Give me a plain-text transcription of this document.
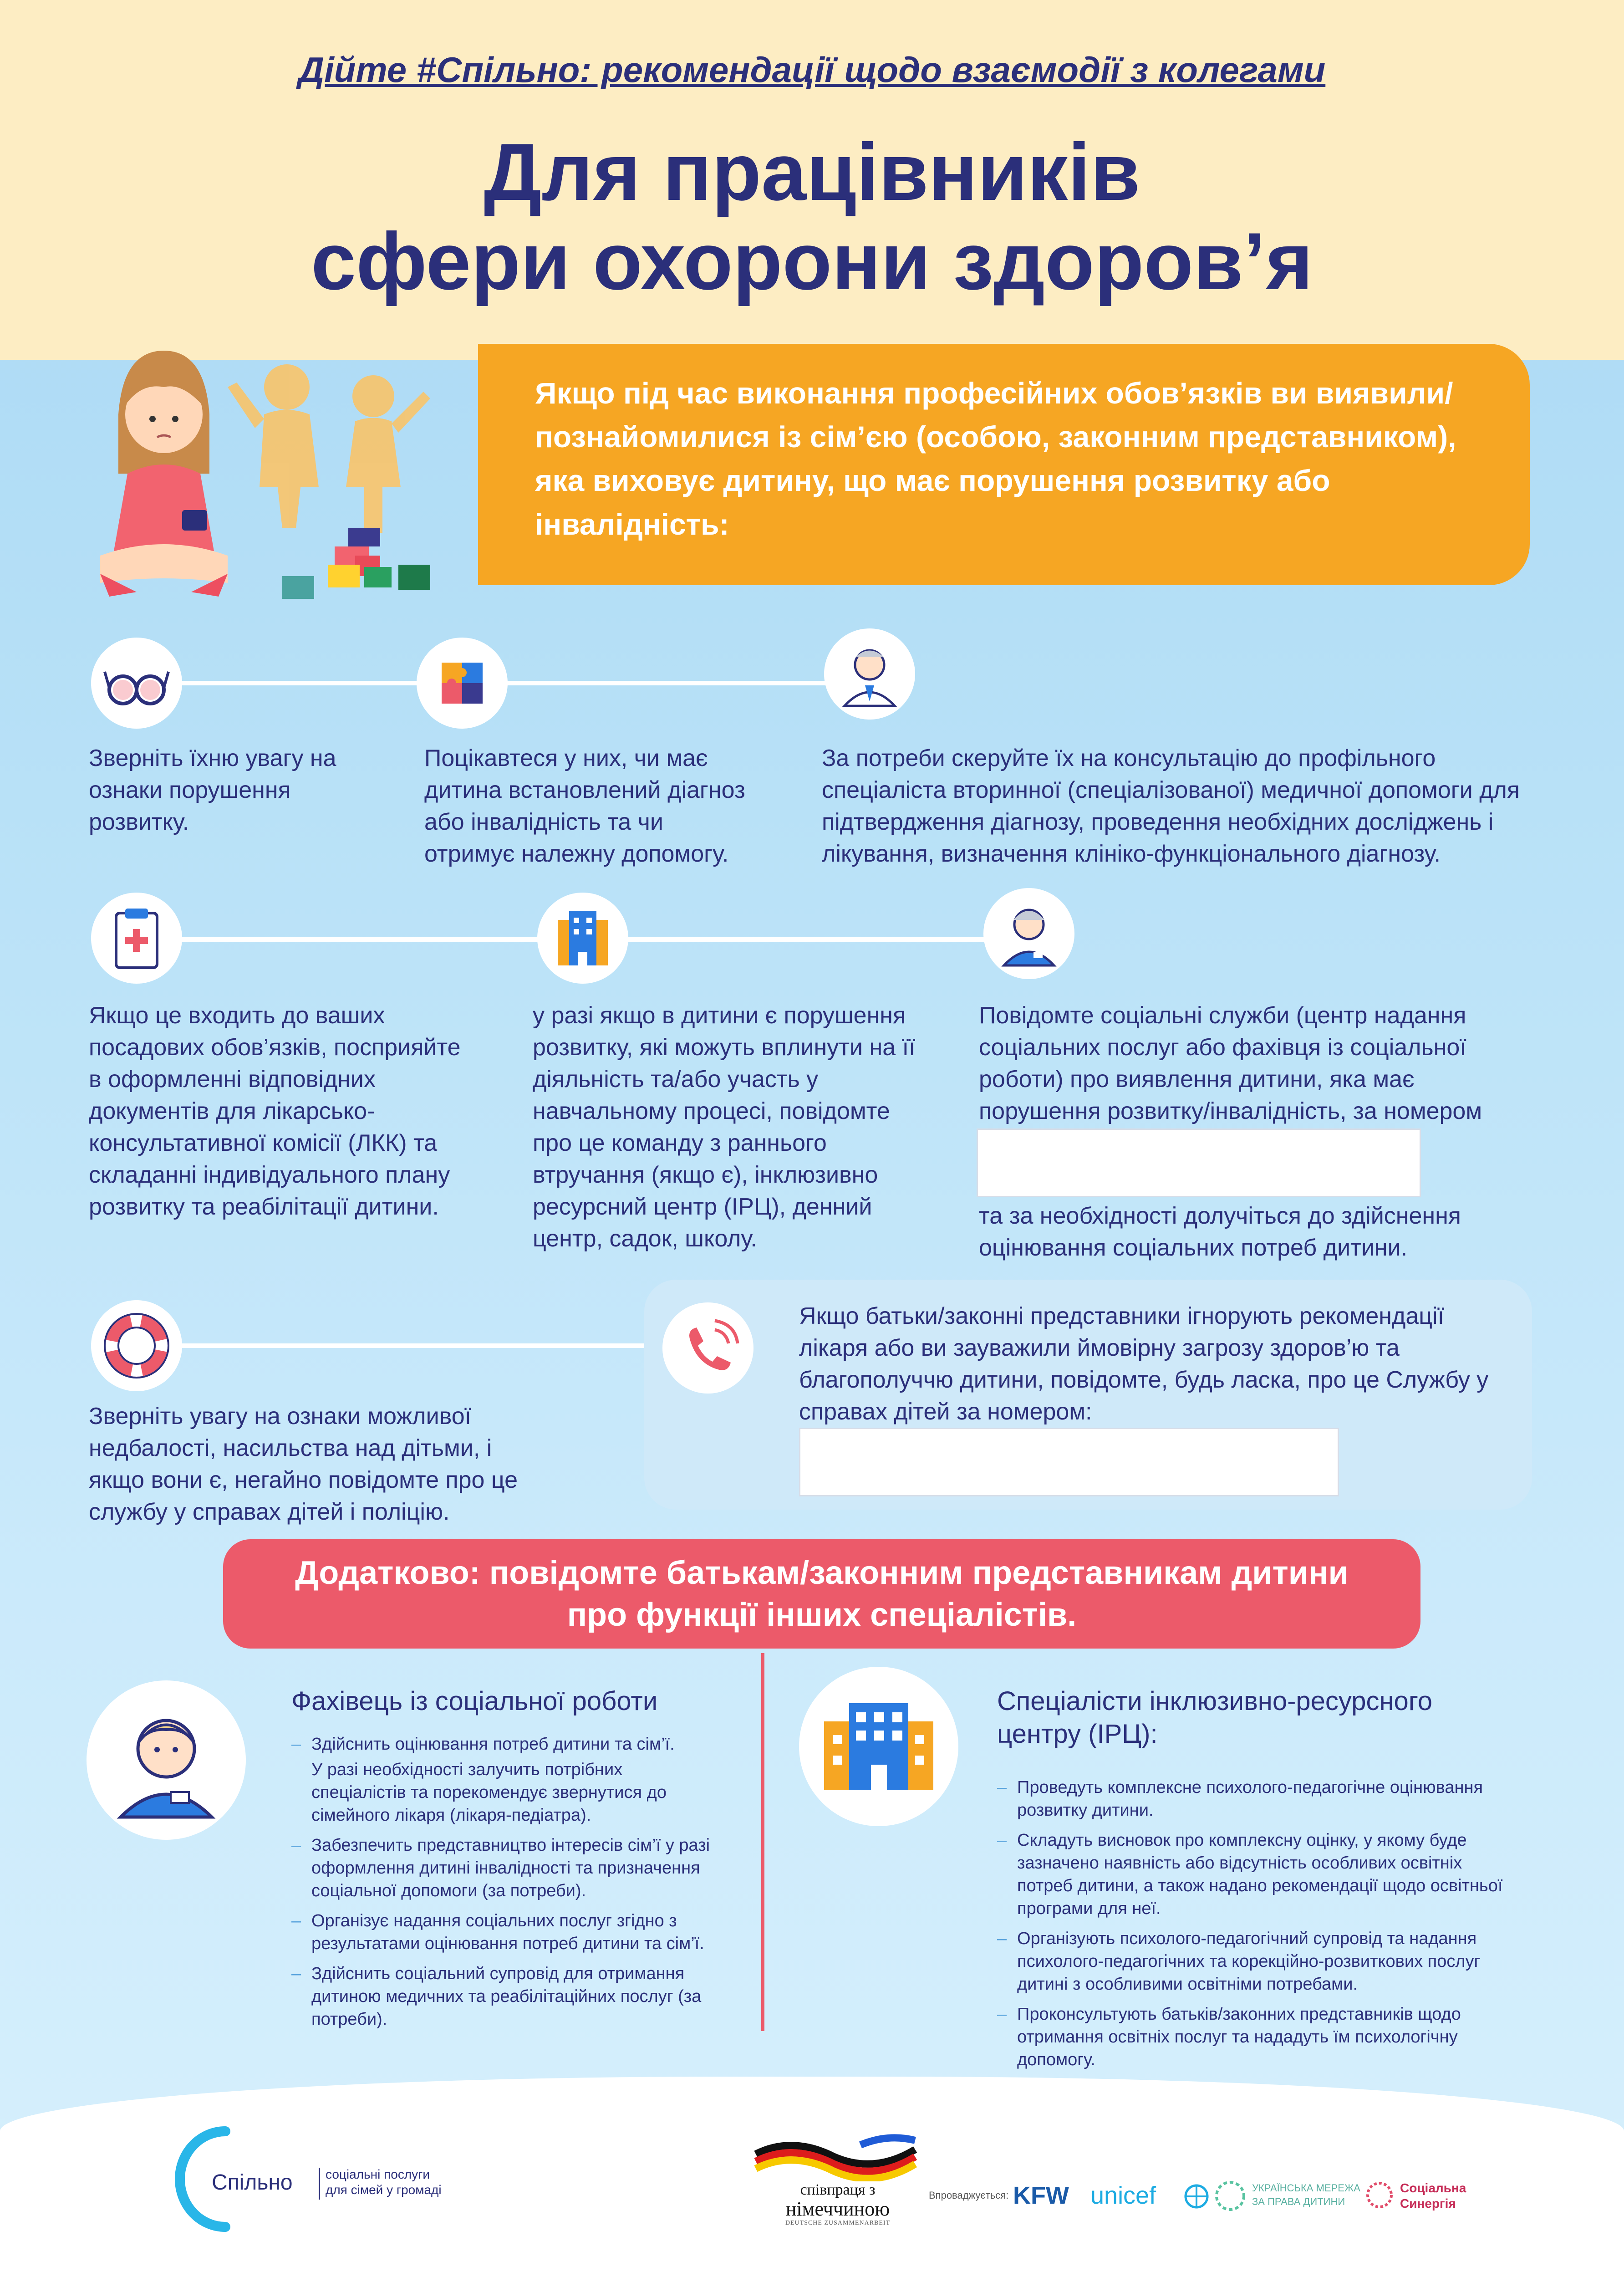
Дійте #Спільно: рекомендації щодо взаємодії з колегами
Для працівників
сфери охорони здоров’я
Якщо під час виконання професійних обов’язків ви виявили/познайомилися із сім’єю (особою, законним представником), яка виховує дитину, що має порушення розвитку або інвалідність:
Зверніть їхню увагу на ознаки порушення розвитку.
Поцікавтеся у них, чи має дитина встановлений діагноз або інвалідність та чи отримує належну допомогу.
За потреби скеруйте їх на консультацію до профільного спеціаліста вторинної (спеціалізованої) медичної допомоги для підтвердження діагнозу, проведення необхідних досліджень і лікування, визначення клініко-функціонального діагнозу.
Якщо це входить до ваших посадових обов’язків, посприяйте в оформленні відповідних документів для лікарсько-консультативної комісії (ЛКК) та складанні індивідуального плану розвитку та реабілітації дитини.
у разі якщо в дитини є порушення розвитку, які можуть вплинути на її діяльність та/або участь у навчальному процесі, повідомте про це команду з раннього втручання (якщо є), інклюзивно ресурсний центр (ІРЦ), денний центр, садок, школу.
Повідомте соціальні служби (центр надання соціальних послуг або фахівця із соціальної роботи) про виявлення дитини, яка має порушення розвитку/інвалідність, за номером
та за необхідності долучіться до здійснення оцінювання соціальних потреб дитини.
Зверніть увагу на ознаки можливої недбалості, насильства над дітьми, і якщо вони є, негайно повідомте про це службу у справах дітей і поліцію.
Якщо батьки/законні представники ігнорують рекомендації лікаря або ви зауважили ймовірну загрозу здоров’ю та благополуччю дитини, повідомте, будь ласка, про це Службу у справах дітей за номером:
Додатково: повідомте батькам/законним представникам дитини
про функції інших спеціалістів.
Фахівець із соціальної роботи
– Здійснить оцінювання потреб дитини та сім’ї.
У разі необхідності залучить потрібних спеціалістів та порекомендує звернутися до сімейного лікаря (лікаря-педіатра).
– Забезпечить представництво інтересів сім’ї у разі оформлення дитині інвалідності та призначення соціальної допомоги (за потреби).
– Організує надання соціальних послуг згідно з результатами оцінювання потреб дитини та сім’ї.
– Здійснить соціальний супровід для отримання дитиною медичних та реабілітаційних послуг (за потреби).
Спеціалісти інклюзивно-ресурсного
центру (ІРЦ):
– Проведуть комплексне психолого-педагогічне оцінювання розвитку дитини.
– Складуть висновок про комплексну оцінку, у якому буде зазначено наявність або відсутність особливих освітніх потреб дитини, а також надано рекомендації щодо освітньої програми для неї.
– Організують психолого-педагогічний супровід та надання психолого-педагогічних та корекційно-розвиткових послуг дитині з особливими освітніми потребами.
– Проконсультують батьків/законних представників щодо отримання освітніх послуг та нададуть їм психологічну допомогу.
Спільно	соціальні послуги
для сімей у громаді	співпраця з
німеччиною
DEUTSCHE ZUSAMMENARBEIT
Впроваджується: KFW unicef	УКРАЇНСЬКА МЕРЕЖА
ЗА ПРАВА ДИТИНИ
Соціальна
Синергія
